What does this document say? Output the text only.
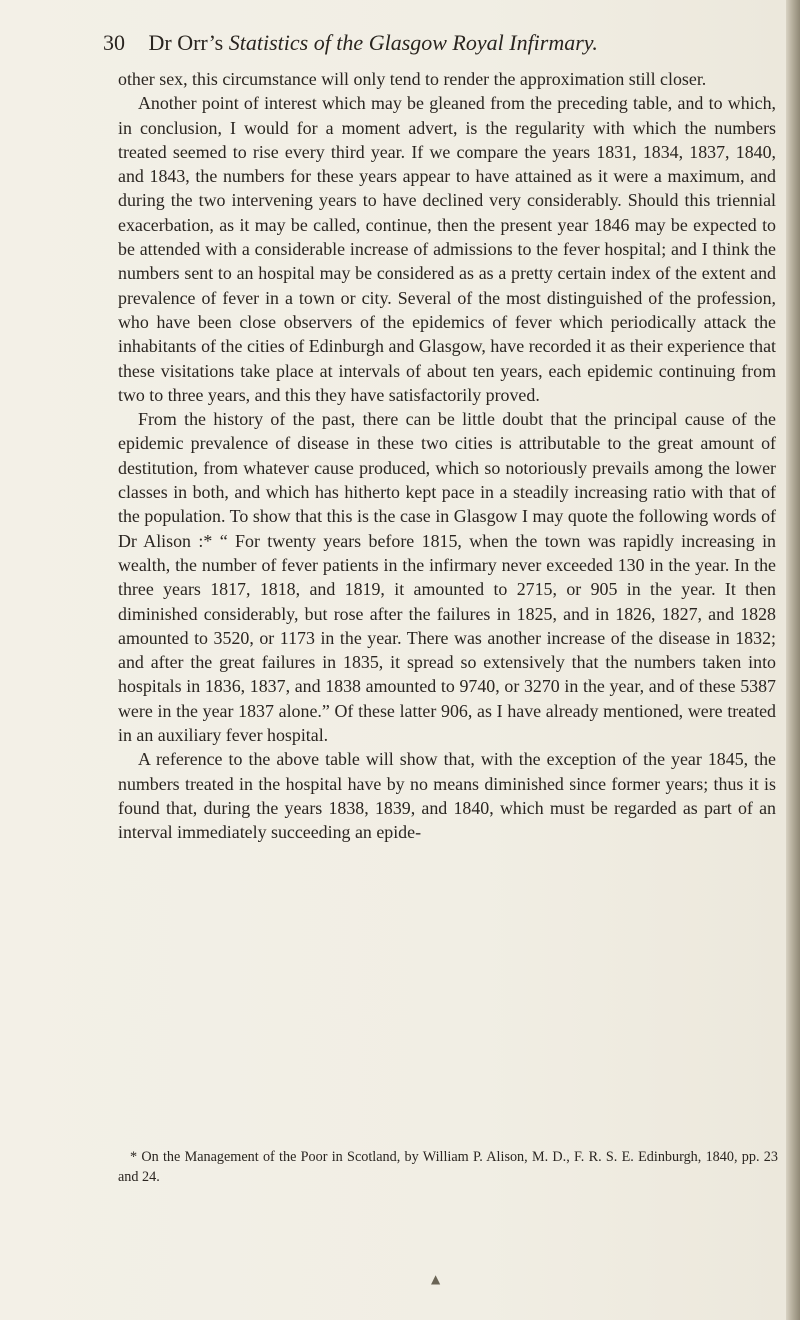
30 Dr Orr’s Statistics of the Glasgow Royal Infirmary.

other sex, this circumstance will only tend to render the approximation still closer.

Another point of interest which may be gleaned from the preceding table, and to which, in conclusion, I would for a moment advert, is the regularity with which the numbers treated seemed to rise every third year. If we compare the years 1831, 1834, 1837, 1840, and 1843, the numbers for these years appear to have attained as it were a maximum, and during the two intervening years to have declined very considerably. Should this triennial exacerbation, as it may be called, continue, then the present year 1846 may be expected to be attended with a considerable increase of admissions to the fever hospital; and I think the numbers sent to an hospital may be considered as as a pretty certain index of the extent and prevalence of fever in a town or city. Several of the most distinguished of the profession, who have been close observers of the epidemics of fever which periodically attack the inhabitants of the cities of Edinburgh and Glasgow, have recorded it as their experience that these visitations take place at intervals of about ten years, each epidemic continuing from two to three years, and this they have satisfactorily proved.

From the history of the past, there can be little doubt that the principal cause of the epidemic prevalence of disease in these two cities is attributable to the great amount of destitution, from whatever cause produced, which so notoriously prevails among the lower classes in both, and which has hitherto kept pace in a steadily increasing ratio with that of the population. To show that this is the case in Glasgow I may quote the following words of Dr Alison :* “ For twenty years before 1815, when the town was rapidly increasing in wealth, the number of fever patients in the infirmary never exceeded 130 in the year. In the three years 1817, 1818, and 1819, it amounted to 2715, or 905 in the year. It then diminished considerably, but rose after the failures in 1825, and in 1826, 1827, and 1828 amounted to 3520, or 1173 in the year. There was another increase of the disease in 1832; and after the great failures in 1835, it spread so extensively that the numbers taken into hospitals in 1836, 1837, and 1838 amounted to 9740, or 3270 in the year, and of these 5387 were in the year 1837 alone.” Of these latter 906, as I have already mentioned, were treated in an auxiliary fever hospital.

A reference to the above table will show that, with the exception of the year 1845, the numbers treated in the hospital have by no means diminished since former years; thus it is found that, during the years 1838, 1839, and 1840, which must be regarded as part of an interval immediately succeeding an epide-

* On the Management of the Poor in Scotland, by William P. Alison, M. D., F. R. S. E. Edinburgh, 1840, pp. 23 and 24.

▲
